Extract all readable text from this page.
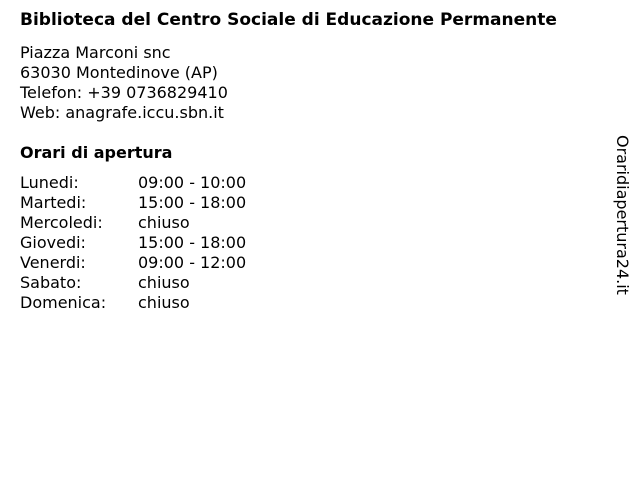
Biblioteca del Centro Sociale di Educazione Permanente
Piazza Marconi snc
63030 Montedinove (AP)
Telefon: +39 0736829410
Web: anagrafe.iccu.sbn.it
Orari di apertura
Lunedi:	09:00 - 10:00
Martedi:	15:00 - 18:00
Mercoledi:	chiuso
Giovedi:	15:00 - 18:00
Venerdi:	09:00 - 12:00
Sabato:	chiuso
Domenica:	chiuso
Oraridiapertura24.it
